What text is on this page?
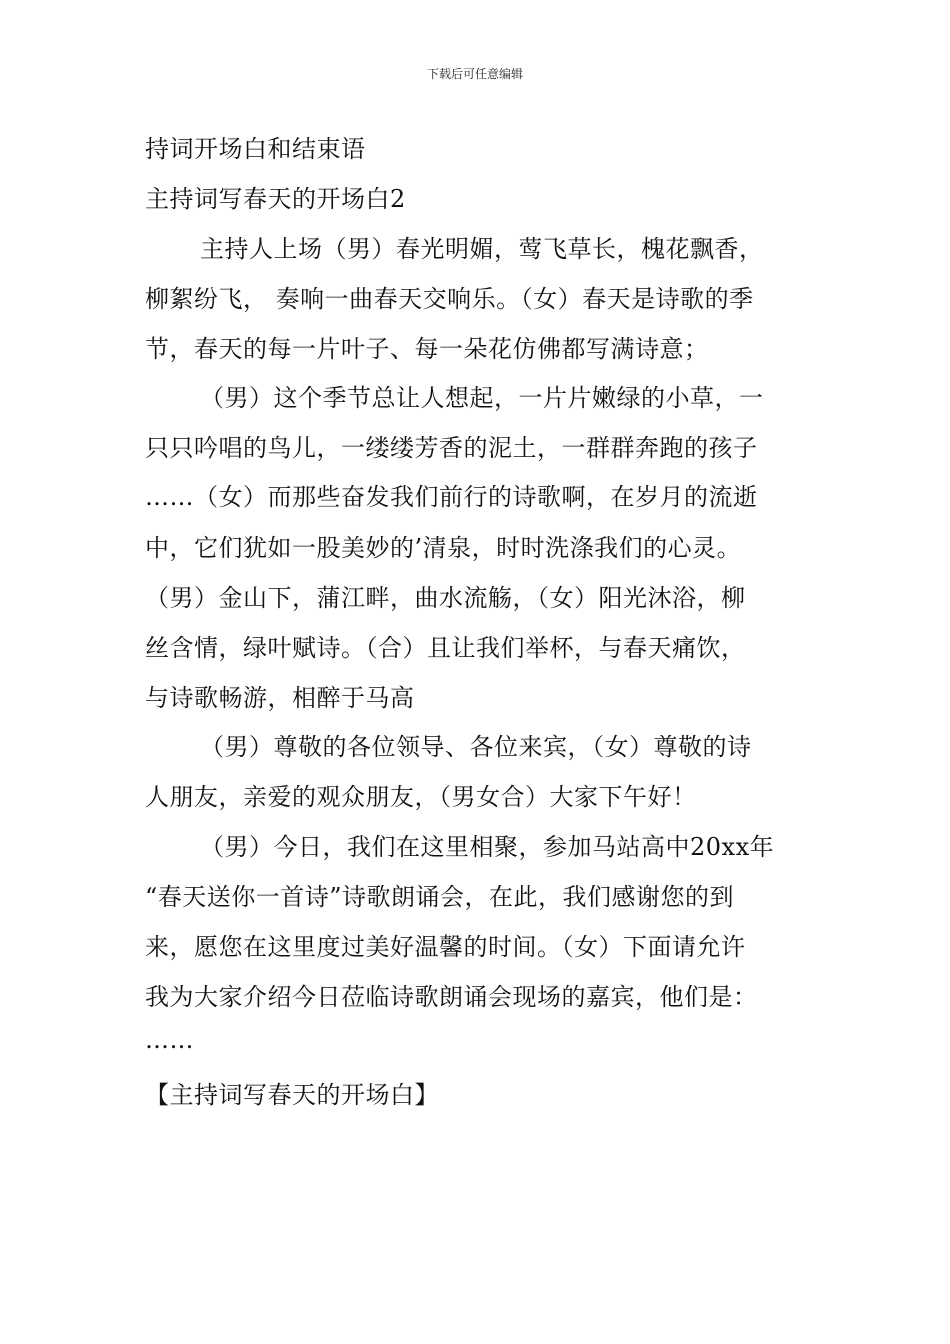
下载后可任意编辑
持词开场白和结束语
主持词写春天的开场白2
主持人上场（男）春光明媚，莺飞草长，槐花飘香，
柳絮纷飞， 奏响一曲春天交响乐。（女）春天是诗歌的季
节，春天的每一片叶子、每一朵花仿佛都写满诗意；
（男）这个季节总让人想起，一片片嫩绿的小草，一
只只吟唱的鸟儿，一缕缕芳香的泥土，一群群奔跑的孩子
……（女）而那些奋发我们前行的诗歌啊，在岁月的流逝
中，它们犹如一股美妙的’清泉，时时洗涤我们的心灵。
（男）金山下，蒲江畔，曲水流觞，（女）阳光沐浴，柳
丝含情，绿叶赋诗。（合）且让我们举杯，与春天痛饮，
与诗歌畅游，相醉于马高
（男）尊敬的各位领导、各位来宾，（女）尊敬的诗
人朋友，亲爱的观众朋友，（男女合）大家下午好！
（男）今日，我们在这里相聚，参加马站高中20xx年
“春天送你一首诗”诗歌朗诵会，在此，我们感谢您的到
来，愿您在这里度过美好温馨的时间。（女）下面请允许
我为大家介绍今日莅临诗歌朗诵会现场的嘉宾，他们是：
……
【主持词写春天的开场白】
